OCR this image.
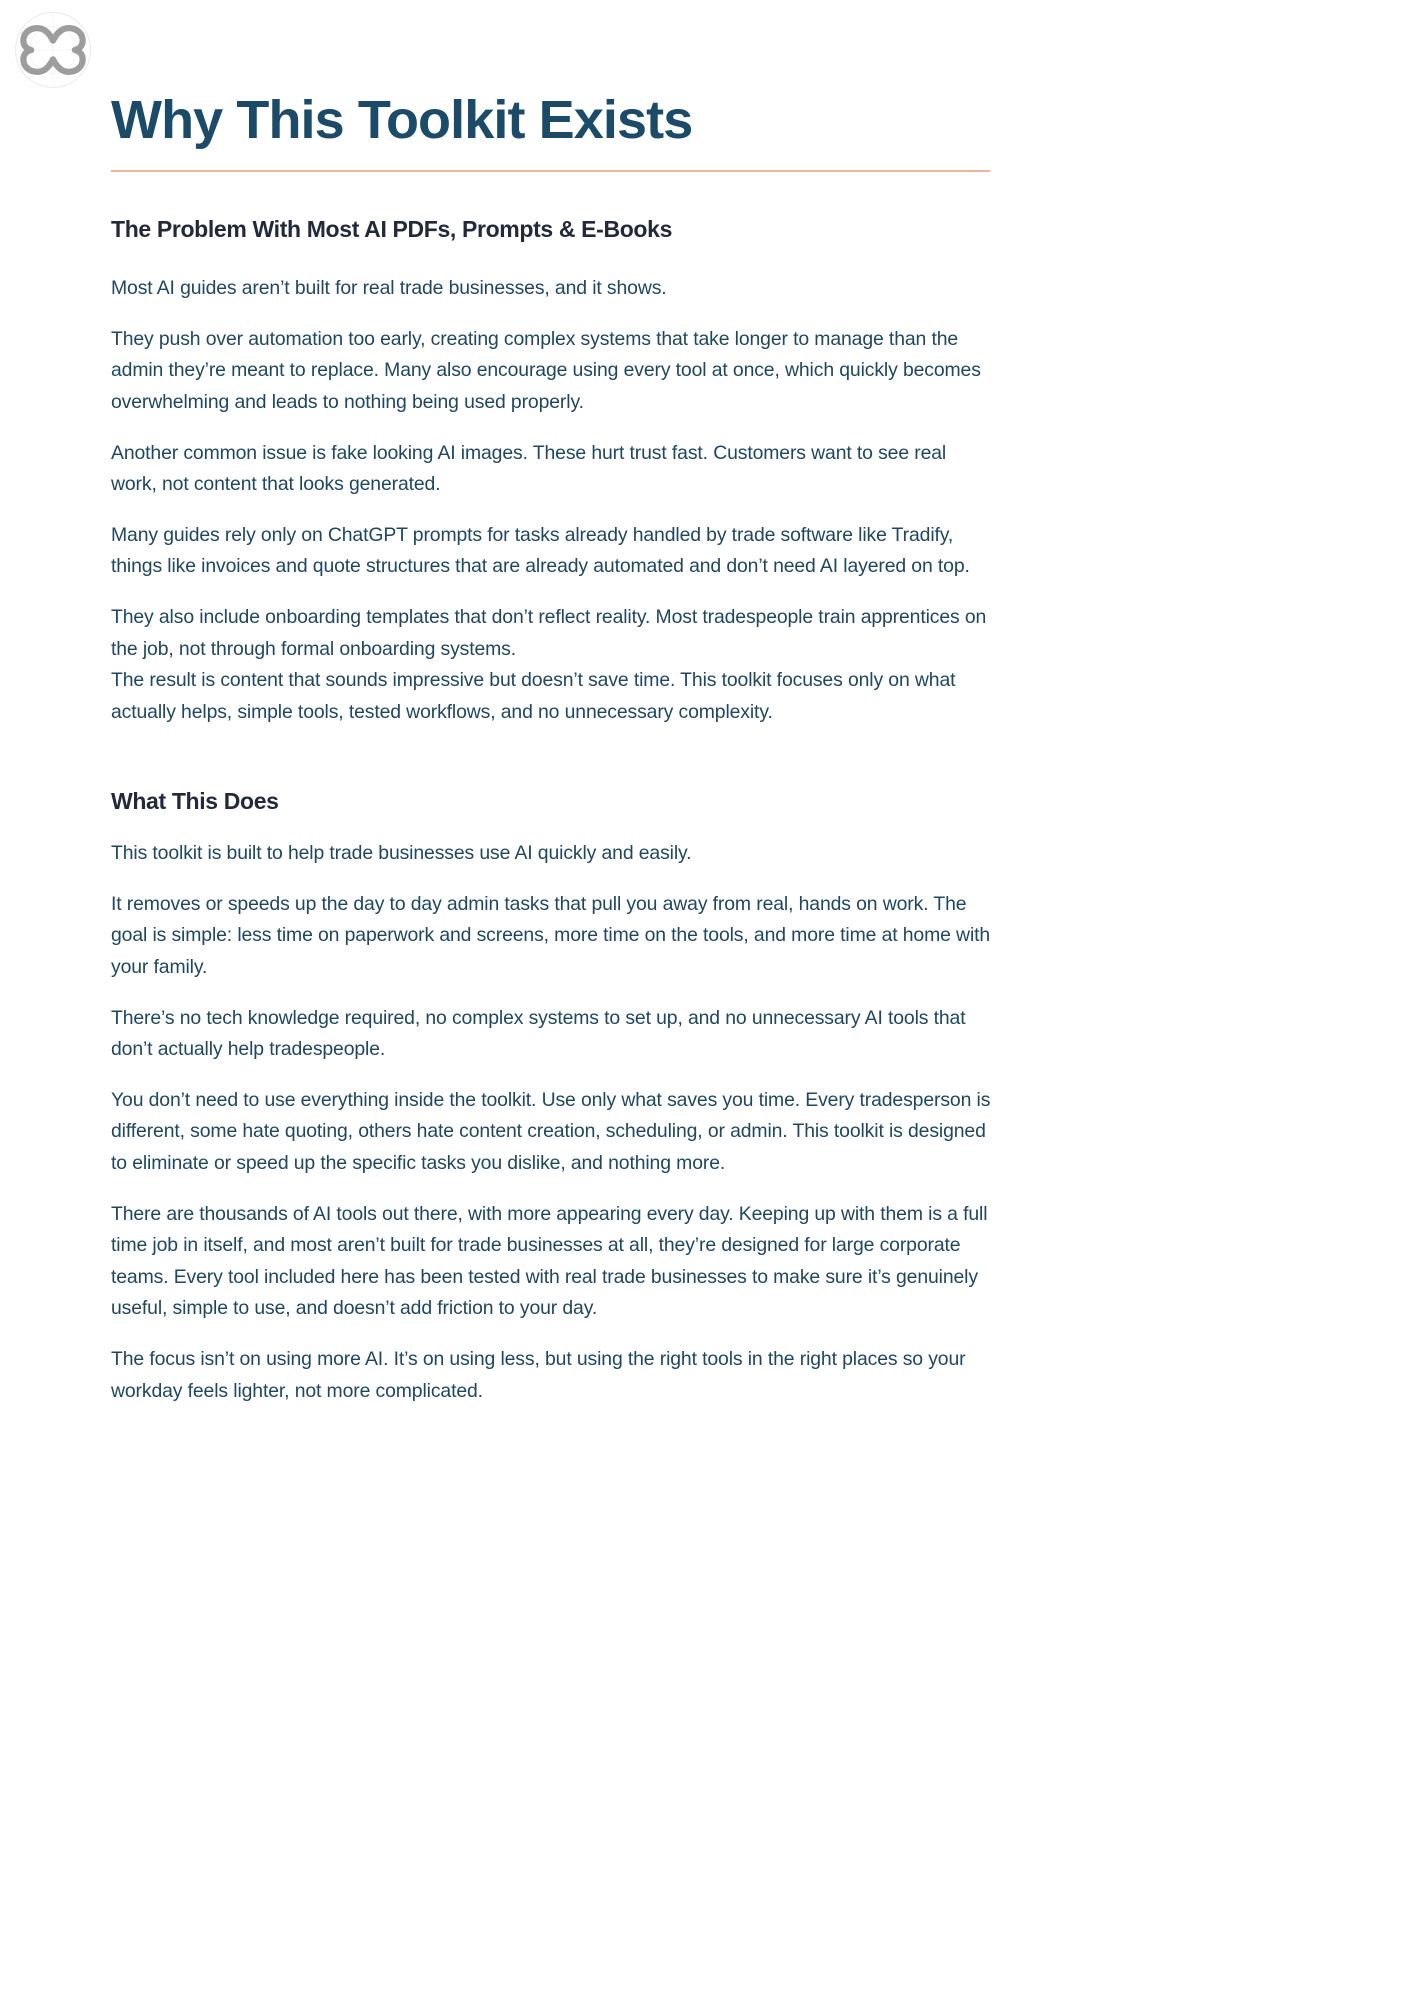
Why This Toolkit Exists
The Problem With Most AI PDFs, Prompts & E-Books

Most AI guides aren’t built for real trade businesses, and it shows.

They push over automation too early, creating complex systems that take longer to manage than the admin they’re meant to replace. Many also encourage using every tool at once, which quickly becomes overwhelming and leads to nothing being used properly.

Another common issue is fake looking AI images. These hurt trust fast. Customers want to see real work, not content that looks generated.

Many guides rely only on ChatGPT prompts for tasks already handled by trade software like Tradify, things like invoices and quote structures that are already automated and don’t need AI layered on top.

They also include onboarding templates that don’t reflect reality. Most tradespeople train apprentices on the job, not through formal onboarding systems.

The result is content that sounds impressive but doesn’t save time. This toolkit focuses only on what actually helps, simple tools, tested workflows, and no unnecessary complexity.

What This Does

This toolkit is built to help trade businesses use AI quickly and easily.

It removes or speeds up the day to day admin tasks that pull you away from real, hands on work. The goal is simple: less time on paperwork and screens, more time on the tools, and more time at home with your family.

There’s no tech knowledge required, no complex systems to set up, and no unnecessary AI tools that don’t actually help tradespeople.

You don’t need to use everything inside the toolkit. Use only what saves you time. Every tradesperson is different, some hate quoting, others hate content creation, scheduling, or admin. This toolkit is designed to eliminate or speed up the specific tasks you dislike, and nothing more.

There are thousands of AI tools out there, with more appearing every day. Keeping up with them is a full time job in itself, and most aren’t built for trade businesses at all, they’re designed for large corporate teams. Every tool included here has been tested with real trade businesses to make sure it’s genuinely useful, simple to use, and doesn’t add friction to your day.

The focus isn’t on using more AI. It’s on using less, but using the right tools in the right places so your workday feels lighter, not more complicated.
